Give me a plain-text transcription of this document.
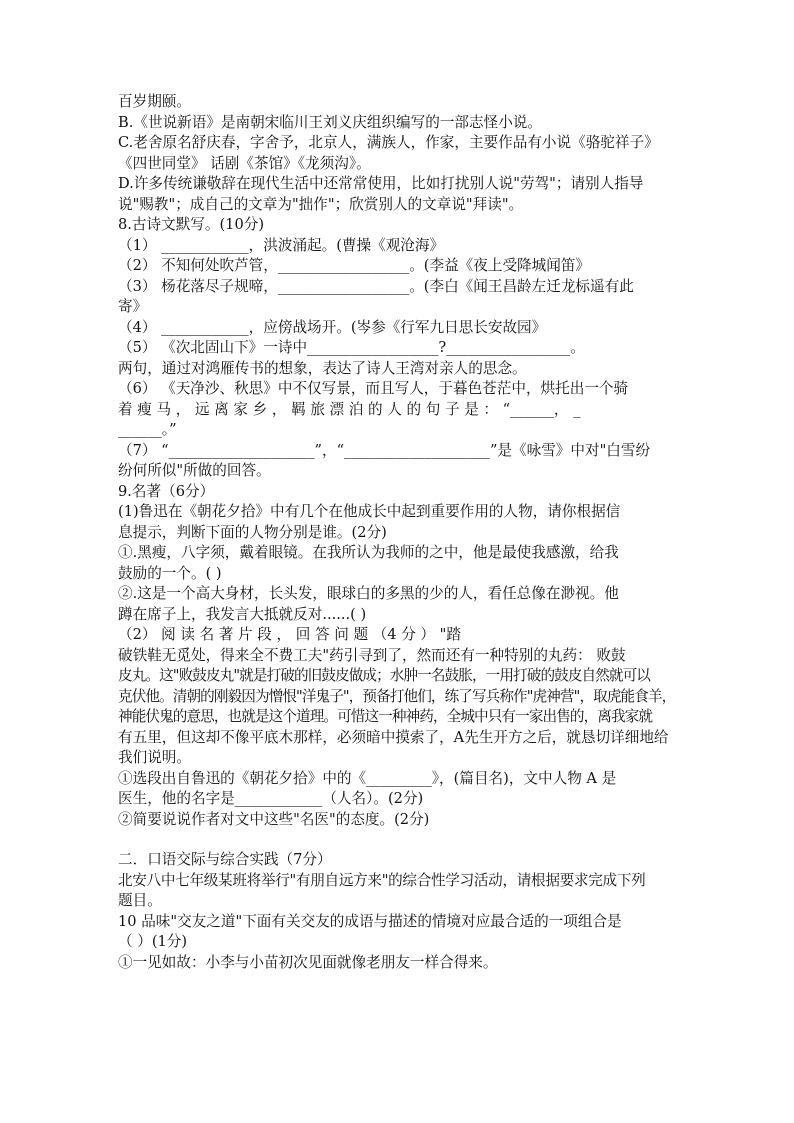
百岁期颐。
B.《世说新语》是南朝宋临川王刘义庆组织编写的一部志怪小说。
C.老舍原名舒庆春，字舍予，北京人，满族人，作家，主要作品有小说《骆驼祥子》
《四世同堂》 话剧《茶馆》《龙须沟》。
D.许多传统谦敬辞在现代生活中还常常使用，比如打扰别人说"劳驾"；请别人指导
说"赐教"；成自己的文章为"拙作"；欣赏别人的文章说"拜读"。
8.古诗文默写。(10分)
（1） ____________，洪波涌起。(曹操《观沧海》
（2） 不知何处吹芦管，__________________。(李益《夜上受降城闻笛》
（3） 杨花落尽子规啼，__________________。(李白《闻王昌龄左迁龙标遥有此
寄》
（4） ____________，应傍战场开。(岑参《行军九日思长安故园》
（5） 《次北固山下》一诗中__________________?_________________。
两句，通过对鸿雁传书的想象，表达了诗人王湾对亲人的思念。
（6） 《天净沙、秋思》中不仅写景，而且写人，于暮色苍茫中，烘托出一个骑
着 瘦 马 ， 远 离 家 乡 ， 羁 旅 漂 泊 的 人 的 句 子 是 ： “______， _
______。”
（7） “____________________”，“____________________”是《咏雪》中对"白雪纷
纷何所似"所做的回答。
9.名著（6分）
(1)鲁迅在《朝花夕拾》中有几个在他成长中起到重要作用的人物，请你根据信
息提示，判断下面的人物分别是谁。(2分)
①.黑瘦，八字须，戴着眼镜。在我所认为我师的之中，他是最使我感激，给我
鼓励的一个。( )
②.这是一个高大身材，长头发，眼球白的多黑的少的人，看任总像在渺视。他
蹲在席子上，我发言大抵就反对......( )
（2） 阅 读 名 著 片 段 ， 回 答 问 题 （4 分 ） "踏
破铁鞋无觅处，得来全不费工夫"药引寻到了，然而还有一种特别的丸药： 败鼓
皮丸。这"败鼓皮丸"就是打破的旧鼓皮做成；水肿一名鼓胀，一用打破的鼓皮自然就可以
克伏他。清朝的刚毅因为憎恨"洋鬼子"，预备打他们，练了写兵称作"虎神营"，取虎能食羊，
神能伏鬼的意思，也就是这个道理。可惜这一种神药，全城中只有一家出售的，离我家就
有五里，但这却不像平底木那样，必须暗中摸索了，A先生开方之后，就恳切详细地给
我们说明。
①选段出自鲁迅的《朝花夕拾》中的《_________》，(篇目名)，文中人物 A 是
医生，他的名字是____________（人名）。(2分)
②简要说说作者对文中这些"名医"的态度。(2分)
二．口语交际与综合实践（7分）
北安八中七年级某班将举行"有朋自远方来"的综合性学习活动，请根据要求完成下列
题目。
10 品味"交友之道"下面有关交友的成语与描述的情境对应最合适的一项组合是
（ ）(1分)
①一见如故：小李与小苗初次见面就像老朋友一样合得来。
